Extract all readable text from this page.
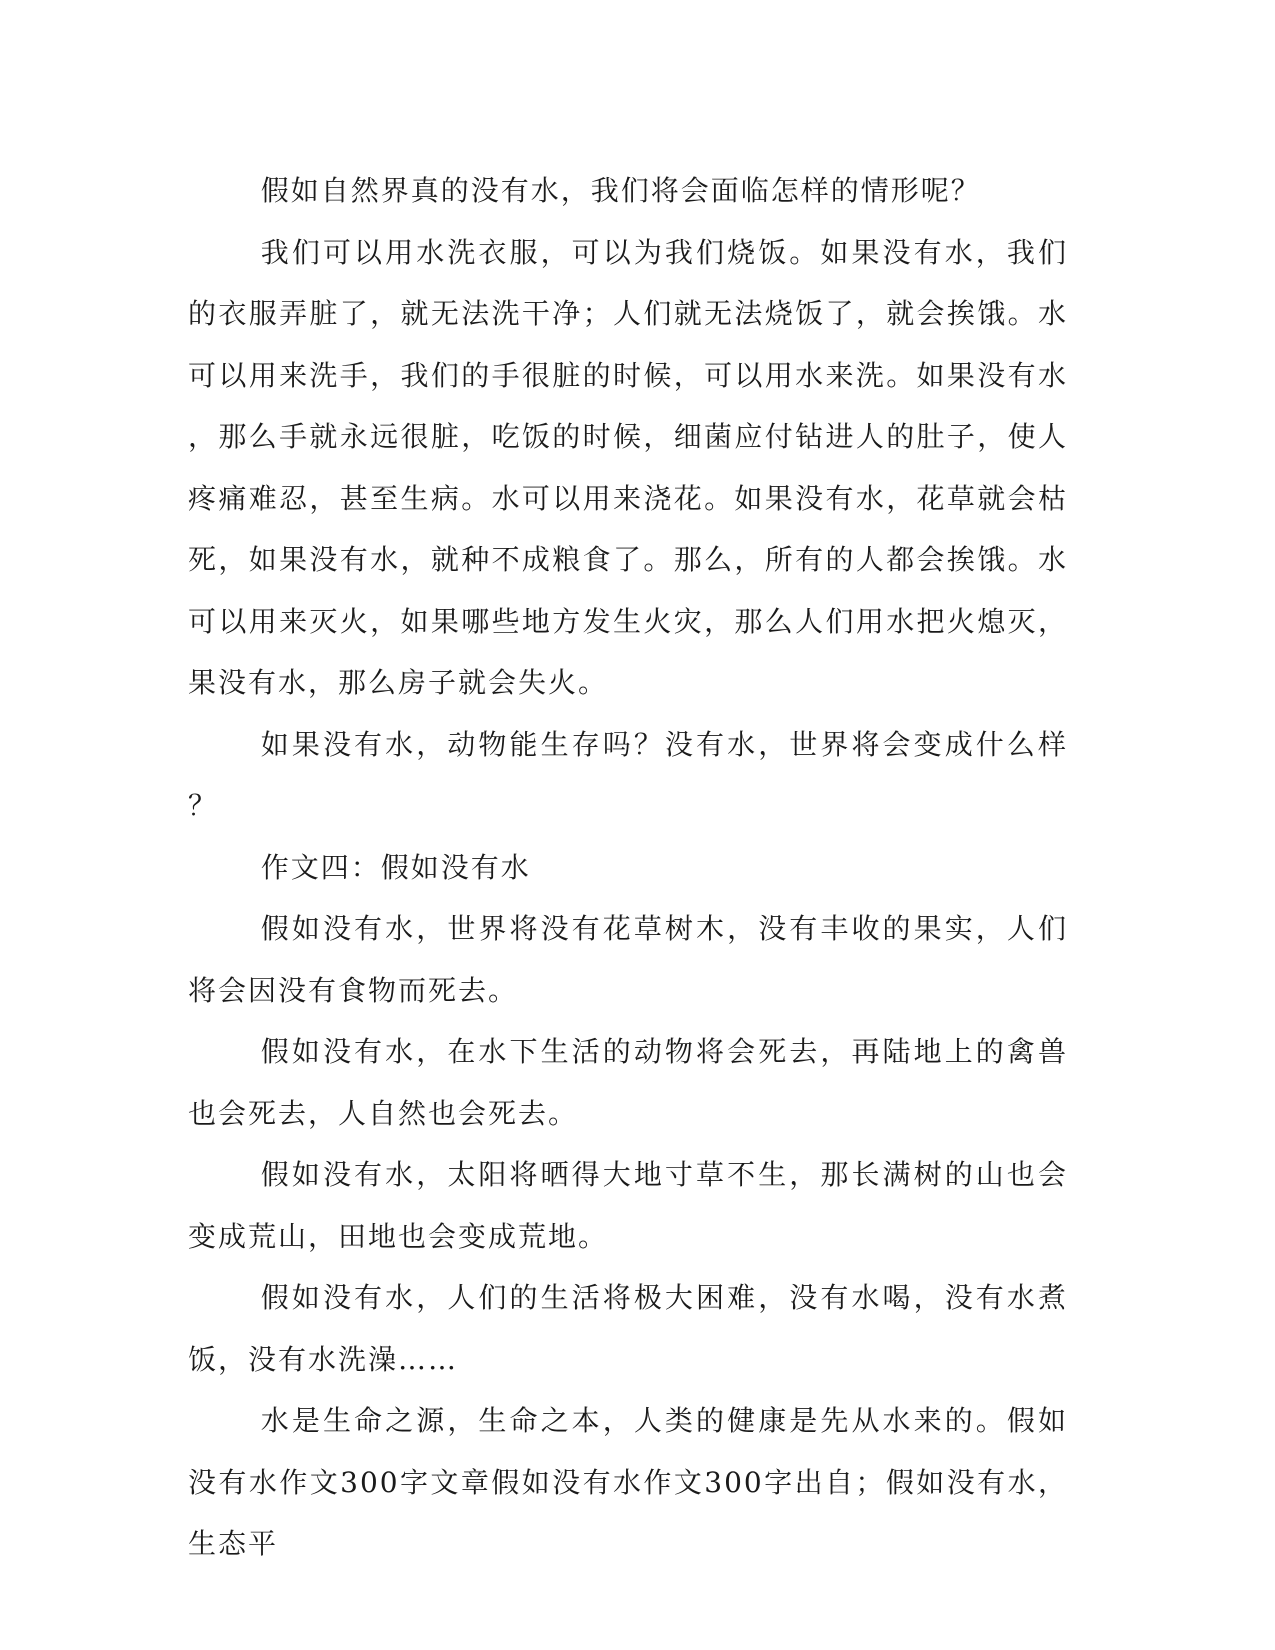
假如自然界真的没有水，我们将会面临怎样的情形呢？

我们可以用水洗衣服，可以为我们烧饭。如果没有水，我们的衣服弄脏了，就无法洗干净；人们就无法烧饭了，就会挨饿。水可以用来洗手，我们的手很脏的时候，可以用水来洗。如果没有水，那么手就永远很脏，吃饭的时候，细菌应付钻进人的肚子，使人疼痛难忍，甚至生病。水可以用来浇花。如果没有水，花草就会枯死，如果没有水，就种不成粮食了。那么，所有的人都会挨饿。水可以用来灭火，如果哪些地方发生火灾，那么人们用水把火熄灭，果没有水，那么房子就会失火。

如果没有水，动物能生存吗？没有水，世界将会变成什么样？

作文四：假如没有水

假如没有水，世界将没有花草树木，没有丰收的果实，人们将会因没有食物而死去。

假如没有水，在水下生活的动物将会死去，再陆地上的禽兽也会死去，人自然也会死去。

假如没有水，太阳将晒得大地寸草不生，那长满树的山也会变成荒山，田地也会变成荒地。

假如没有水，人们的生活将极大困难，没有水喝，没有水煮饭，没有水洗澡……

水是生命之源，生命之本，人类的健康是先从水来的。假如没有水作文300字文章假如没有水作文300字出自；假如没有水，生态平
